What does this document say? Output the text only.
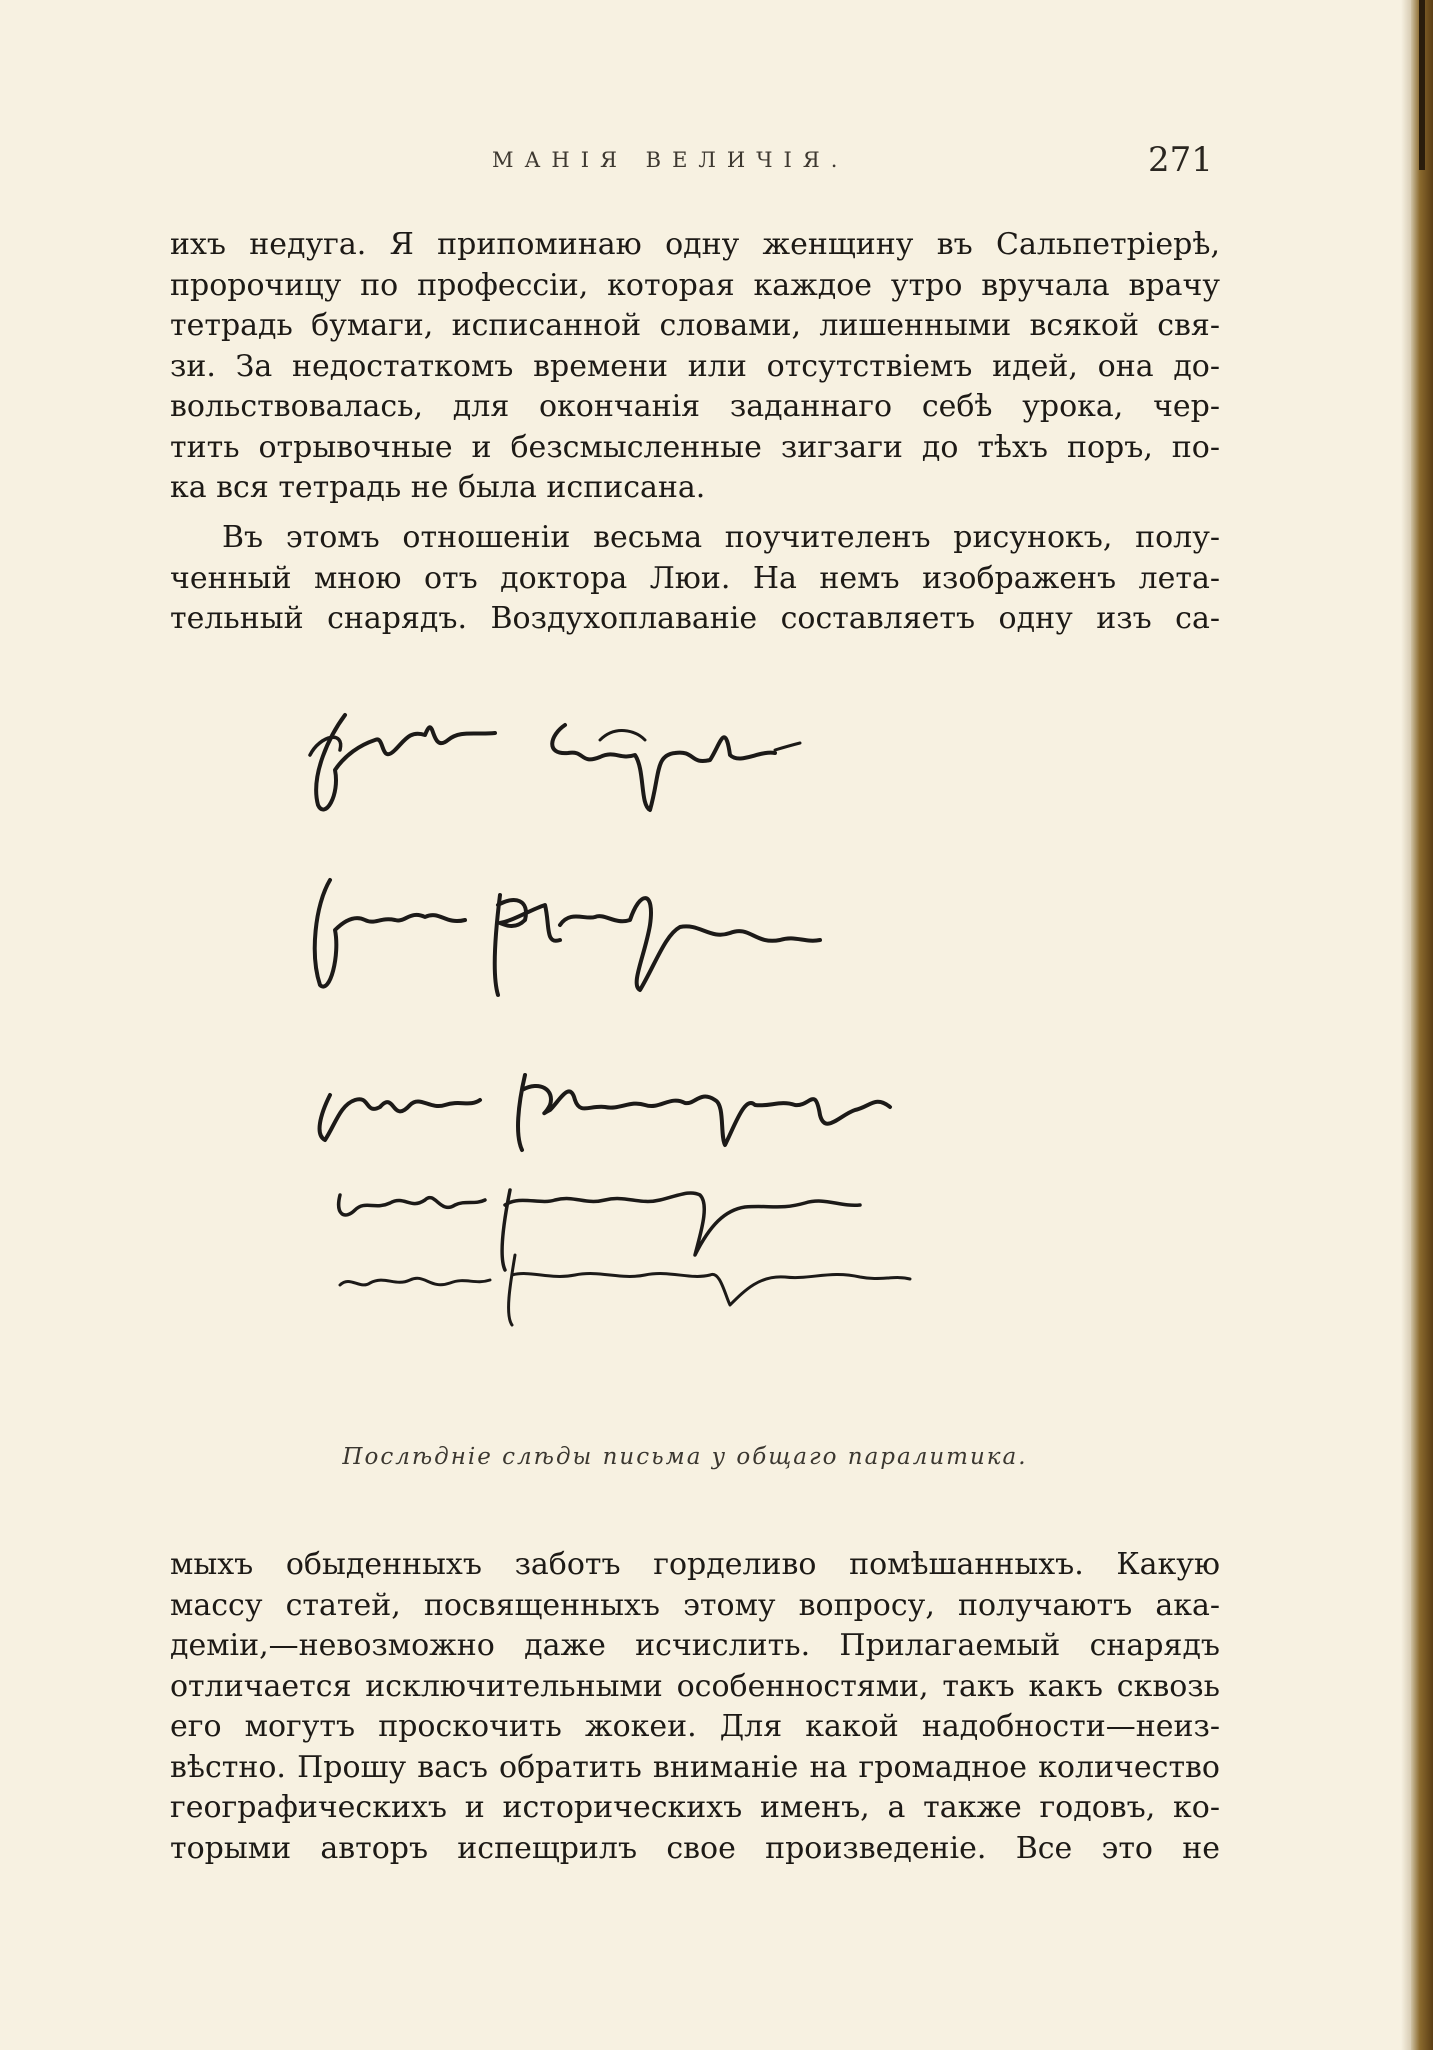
МАНІЯ ВЕЛИЧІЯ.	271

ихъ недуга. Я припоминаю одну женщину въ Сальпетріерѣ,
пророчицу по профессіи, которая каждое утро вручала врачу
тетрадь бумаги, исписанной словами, лишенными всякой свя-
зи. За недостаткомъ времени или отсутствіемъ идей, она до-
вольствовалась, для окончанія заданнаго себѣ урока, чер-
тить отрывочные и безсмысленные зигзаги до тѣхъ поръ, по-
ка вся тетрадь не была исписана.

Въ этомъ отношеніи весьма поучителенъ рисунокъ, полу-
ченный мною отъ доктора Люи. На немъ изображенъ лета-
тельный снарядъ. Воздухоплаваніе составляетъ одну изъ са-

Послѣдніе слѣды письма у общаго паралитика.

мыхъ обыденныхъ заботъ горделиво помѣшанныхъ. Какую
массу статей, посвященныхъ этому вопросу, получаютъ ака-
деміи,—невозможно даже исчислить. Прилагаемый снарядъ
отличается исключительными особенностями, такъ какъ сквозь
его могутъ проскочить жокеи. Для какой надобности—неиз-
вѣстно. Прошу васъ обратить вниманіе на громадное количество
географическихъ и историческихъ именъ, а также годовъ, ко-
торыми авторъ испещрилъ свое произведеніе. Все это не
